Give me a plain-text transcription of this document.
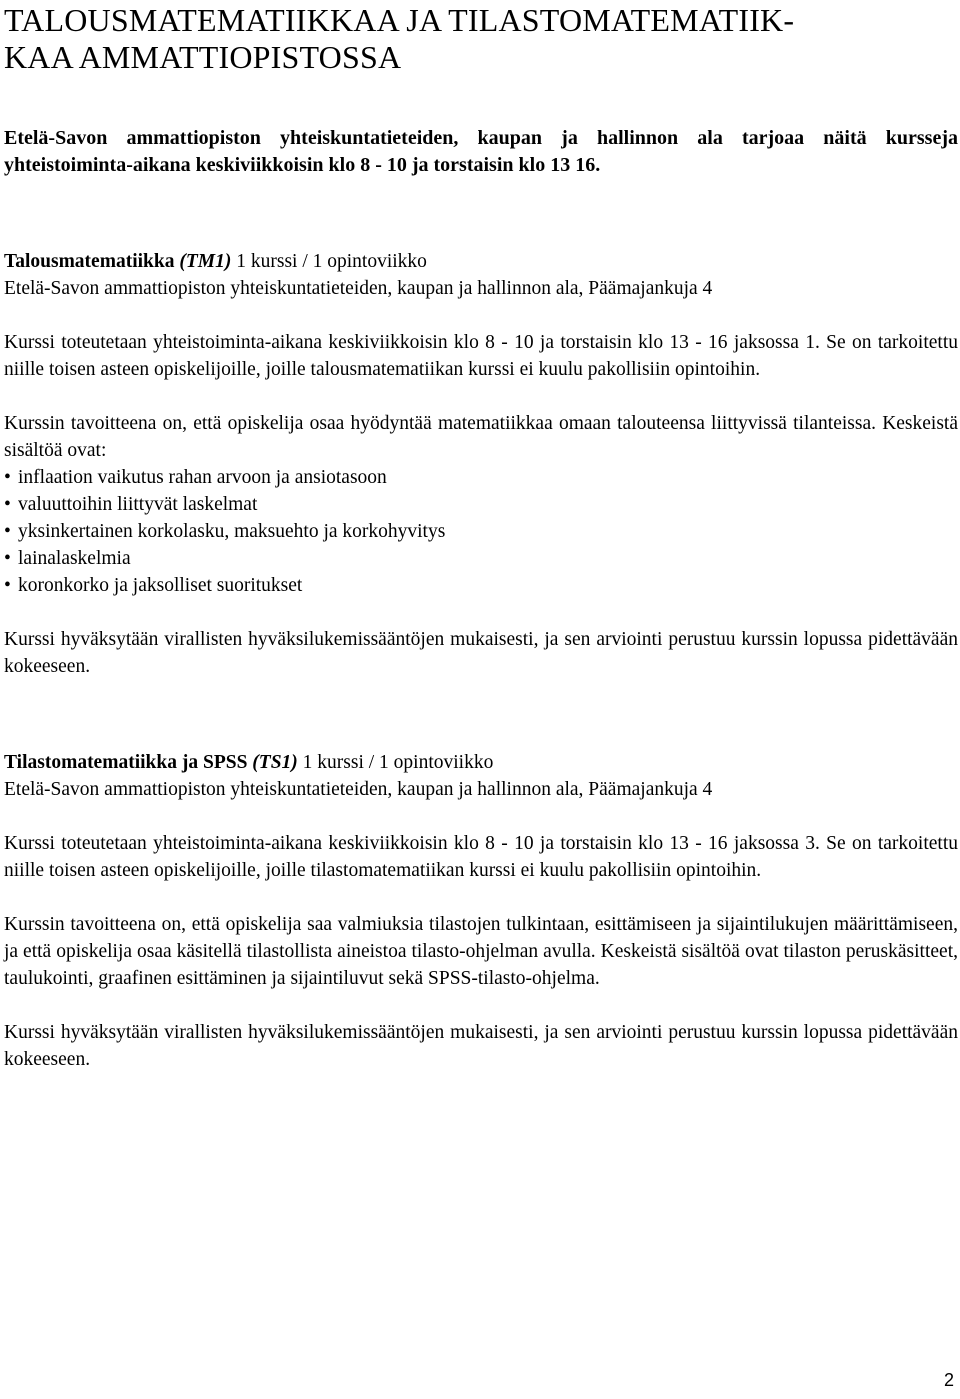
TALOUSMATEMATIIKKAA JA TILASTOMATEMATIIK-
KAA AMMATTIOPISTOSSA

Etelä-Savon ammattiopiston yhteiskuntatieteiden, kaupan ja hallinnon ala tarjoaa näitä kursseja yhteistoiminta-aikana keskiviikkoisin klo 8 - 10 ja torstaisin klo 13 16.

Talousmatematiikka (TM1) 1 kurssi / 1 opintoviikko

Etelä-Savon ammattiopiston yhteiskuntatieteiden, kaupan ja hallinnon ala, Päämajankuja 4

Kurssi toteutetaan yhteistoiminta-aikana keskiviikkoisin klo 8 - 10 ja torstaisin klo 13 - 16 jaksossa 1. Se on tarkoitettu niille toisen asteen opiskelijoille, joille talousmatematiikan kurssi ei kuulu pakollisiin opintoihin.

Kurssin tavoitteena on, että opiskelija osaa hyödyntää matematiikkaa omaan talouteensa liittyvissä tilanteissa. Keskeistä sisältöä ovat:

• inflaation vaikutus rahan arvoon ja ansiotasoon
• valuuttoihin liittyvät laskelmat
• yksinkertainen korkolasku, maksuehto ja korkohyvitys
• lainalaskelmia
• koronkorko ja jaksolliset suoritukset

Kurssi hyväksytään virallisten hyväksilukemissääntöjen mukaisesti, ja sen arviointi perustuu kurssin lopussa pidettävään kokeeseen.

Tilastomatematiikka ja SPSS (TS1) 1 kurssi / 1 opintoviikko

Etelä-Savon ammattiopiston yhteiskuntatieteiden, kaupan ja hallinnon ala, Päämajankuja 4

Kurssi toteutetaan yhteistoiminta-aikana keskiviikkoisin klo 8 - 10 ja torstaisin klo 13 - 16 jaksossa 3. Se on tarkoitettu niille toisen asteen opiskelijoille, joille tilastomatematiikan kurssi ei kuulu pakollisiin opintoihin.

Kurssin tavoitteena on, että opiskelija saa valmiuksia tilastojen tulkintaan, esittämiseen ja sijaintilukujen määrittämiseen, ja että opiskelija osaa käsitellä tilastollista aineistoa tilasto-ohjelman avulla. Keskeistä sisältöä ovat tilaston peruskäsitteet, taulukointi, graafinen esittäminen ja sijaintiluvut sekä SPSS-tilasto-ohjelma.

Kurssi hyväksytään virallisten hyväksilukemissääntöjen mukaisesti, ja sen arviointi perustuu kurssin lopussa pidettävään kokeeseen.

2
